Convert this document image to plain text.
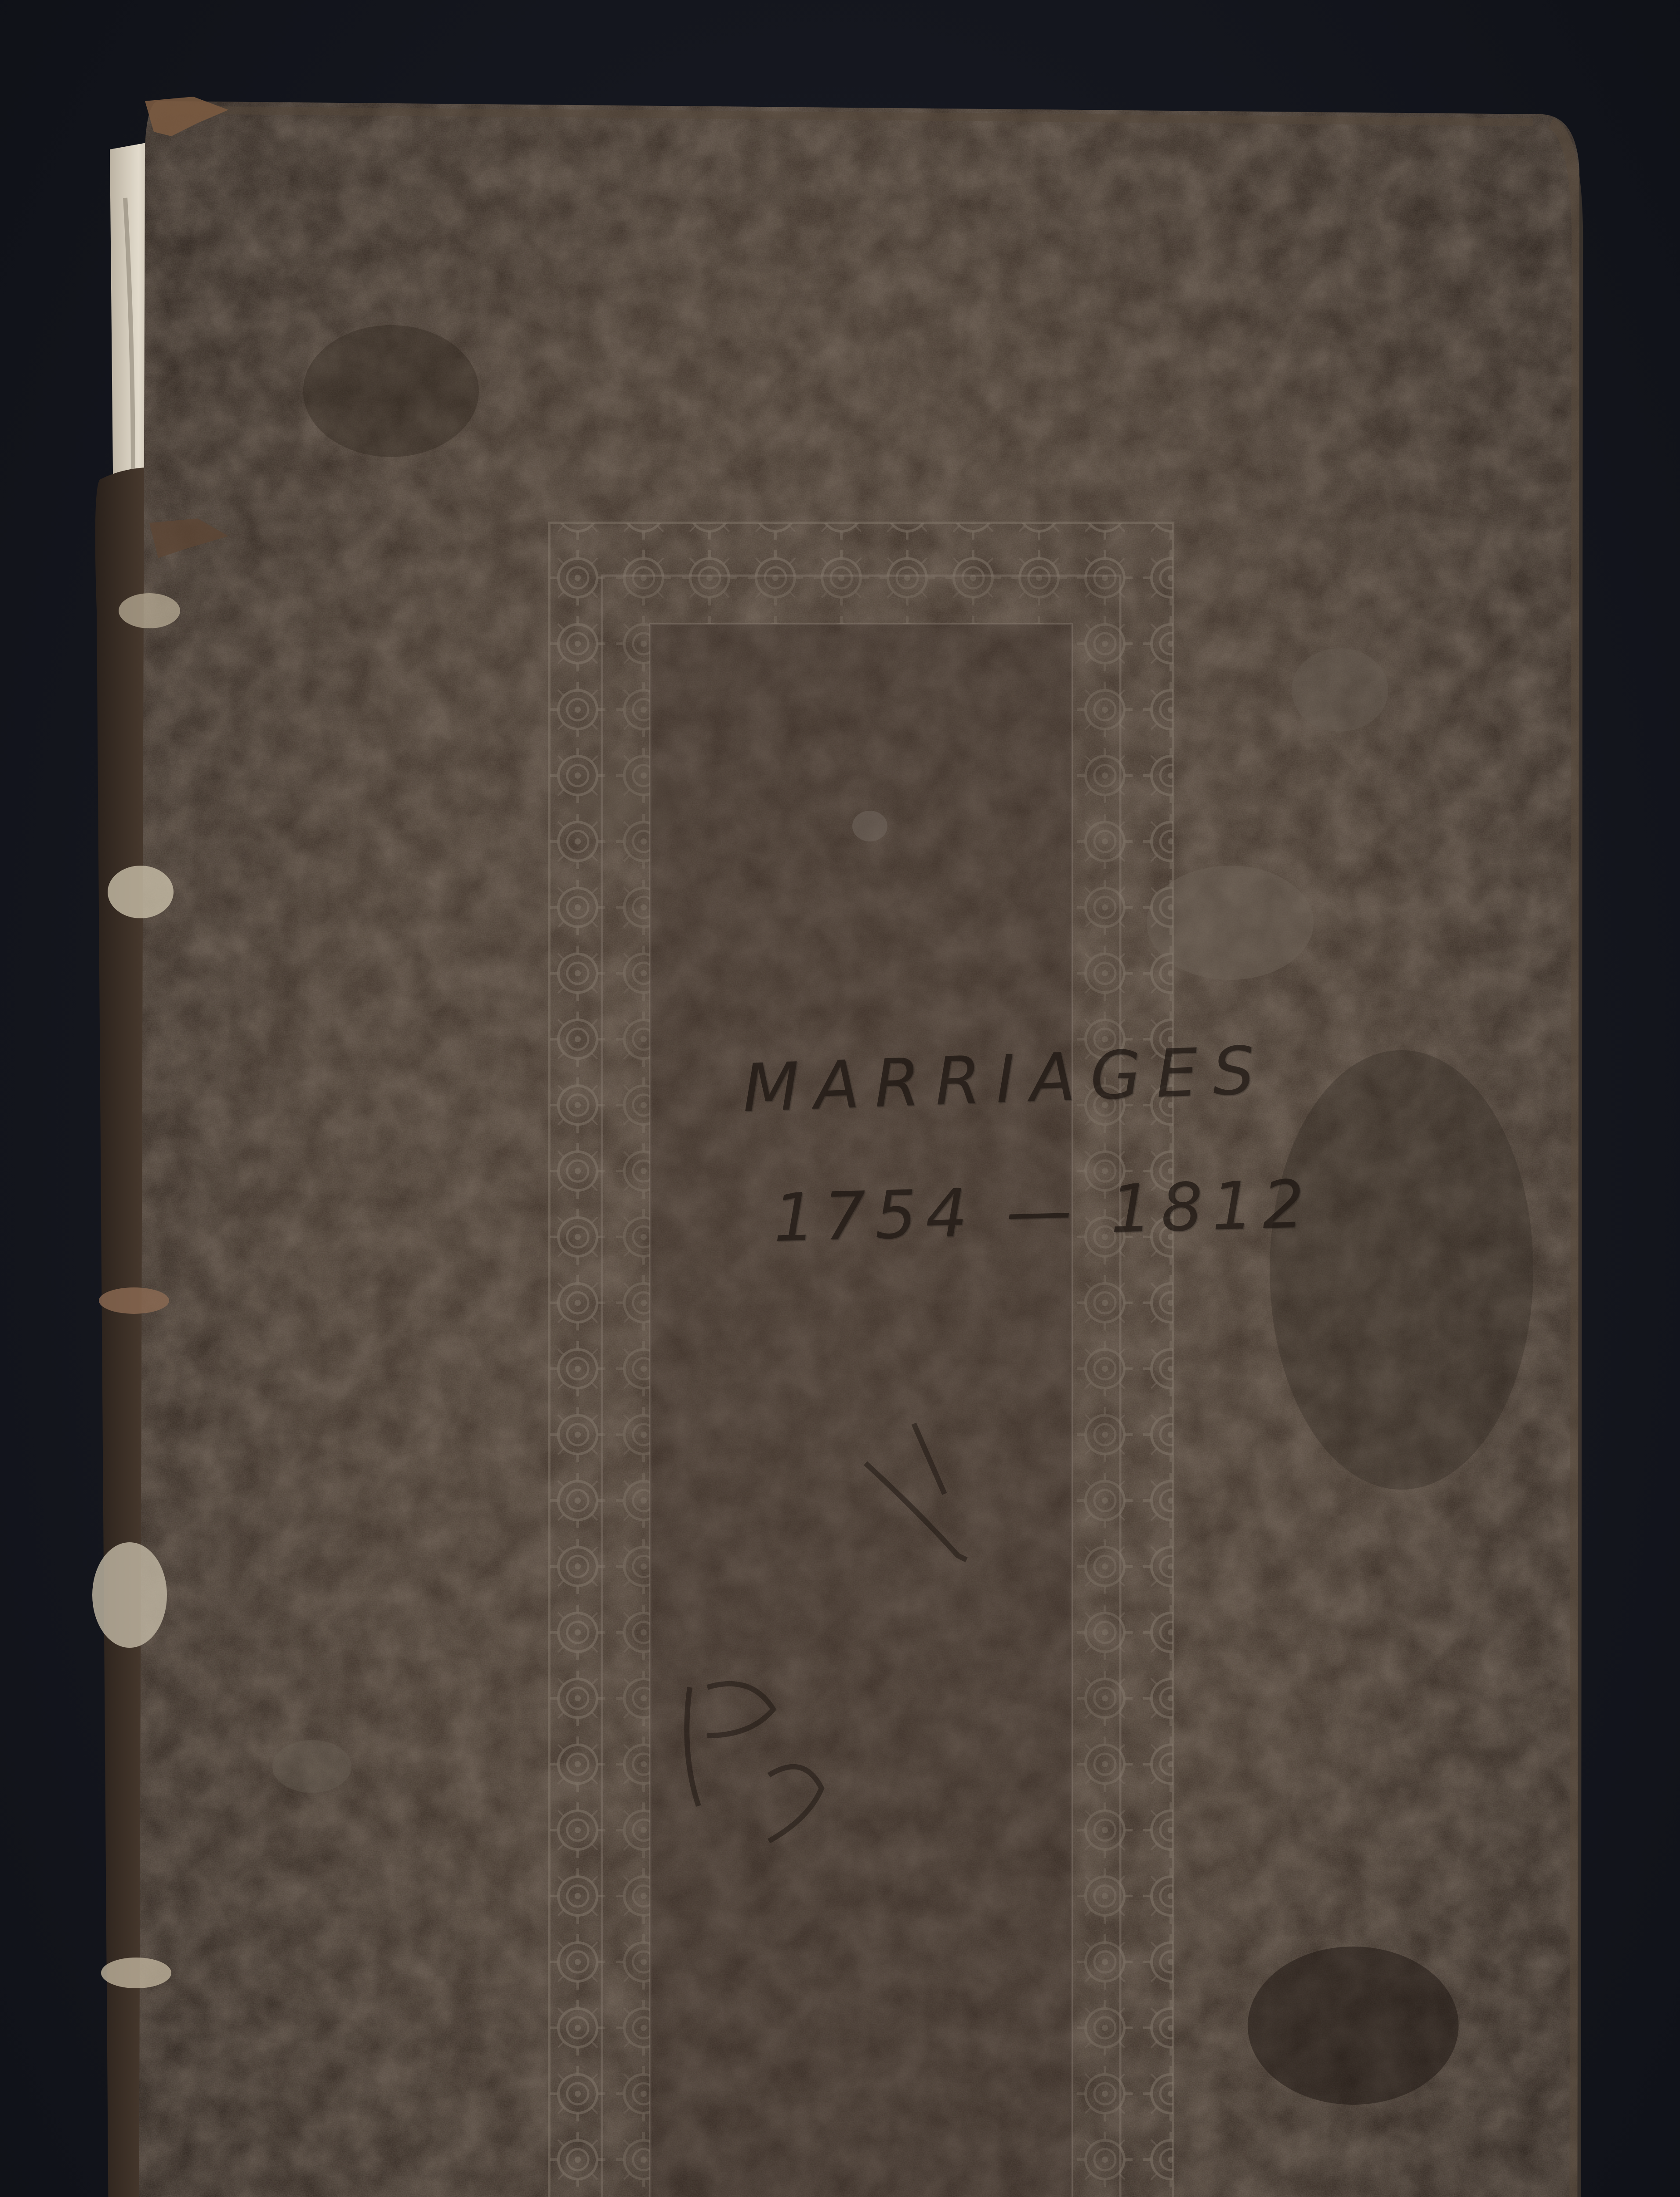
MARRIAGES
1754 — 1812
